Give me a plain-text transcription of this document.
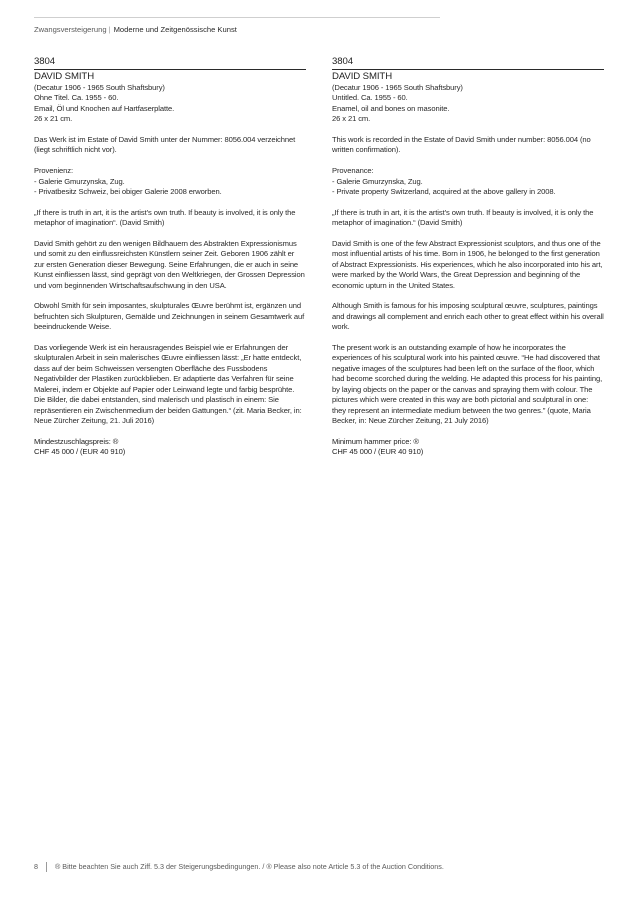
Zwangsversteigerung | Moderne und Zeitgenössische Kunst
3804
DAVID SMITH

(Decatur 1906 - 1965 South Shaftsbury)

Ohne Titel. Ca. 1955 - 60.

Email, Öl und Knochen auf Hartfaserplatte.

26 x 21 cm.

Das Werk ist im Estate of David Smith unter der Nummer: 8056.004 verzeichnet (liegt schriftlich nicht vor).

Provenienz:

- Galerie Gmurzynska, Zug.

- Privatbesitz Schweiz, bei obiger Galerie 2008 erworben.

„If there is truth in art, it is the artist’s own truth. If beauty is involved, it is only the metaphor of imagination“. (David Smith)

David Smith gehört zu den wenigen Bildhauern des Abstrakten Expressionismus und somit zu den einflussreichsten Künstlern seiner Zeit. Geboren 1906 zählt er zur ersten Generation dieser Bewegung. Seine Erfahrungen, die er auch in seine Kunst einfliessen lässt, sind geprägt von den Weltkriegen, der Grossen Depression und vom beginnenden Wirtschaftsaufschwung in den USA.

Obwohl Smith für sein imposantes, skulpturales Œuvre berühmt ist, ergänzen und befruchten sich Skulpturen, Gemälde und Zeichnungen in seinem Gesamtwerk auf beeindruckende Weise.

Das vorliegende Werk ist ein herausragendes Beispiel wie er Erfahrungen der skulpturalen Arbeit in sein malerisches Œuvre einfliessen lässt: „Er hatte entdeckt, dass auf der beim Schweissen versengten Oberfläche des Fussbodens Negativbilder der Plastiken zurückblieben. Er adaptierte das Verfahren für seine Malerei, indem er Objekte auf Papier oder Leinwand legte und farbig besprühte. Die Bilder, die dabei entstanden, sind malerisch und plastisch in einem: Sie repräsentieren ein Zwischenmedium der beiden Gattungen.“ (zit. Maria Becker, in: Neue Zürcher Zeitung, 21. Juli 2016)

Mindestzuschlagspreis: ®

CHF 45 000 / (EUR 40 910)

3804
DAVID SMITH

(Decatur 1906 - 1965 South Shaftsbury)

Untitled. Ca. 1955 - 60.

Enamel, oil and bones on masonite.

26 x 21 cm.

This work is recorded in the Estate of David Smith under number: 8056.004 (no written confirmation).

Provenance:

- Galerie Gmurzynska, Zug.

- Private property Switzerland, acquired at the above gallery in 2008.

„If there is truth in art, it is the artist’s own truth. If beauty is involved, it is only the metaphor of imagination.“ (David Smith)

David Smith is one of the few Abstract Expressionist sculptors, and thus one of the most influential artists of his time. Born in 1906, he belonged to the first generation of Abstract Expressionists. His experiences, which he also incorporated into his art, were marked by the World Wars, the Great Depression and beginning of the economic upturn in the United States.

Although Smith is famous for his imposing sculptural œuvre, sculptures, paintings and drawings all complement and enrich each other to great effect within his overall work.

The present work is an outstanding example of how he incorporates the experiences of his sculptural work into his painted œuvre. “He had discovered that negative images of the sculptures had been left on the surface of the floor, which had become scorched during the welding. He adapted this process for his painting, by laying objects on the paper or the canvas and spraying them with colour. The pictures which were created in this way are both pictorial and sculptural in one: they represent an intermediate medium between the two genres.” (quote, Maria Becker, in: Neue Zürcher Zeitung, 21 July 2016)

Minimum hammer price: ®

CHF 45 000 / (EUR 40 910)

8 ® Bitte beachten Sie auch Ziff. 5.3 der Steigerungsbedingungen. / ® Please also note Article 5.3 of the Auction Conditions.
